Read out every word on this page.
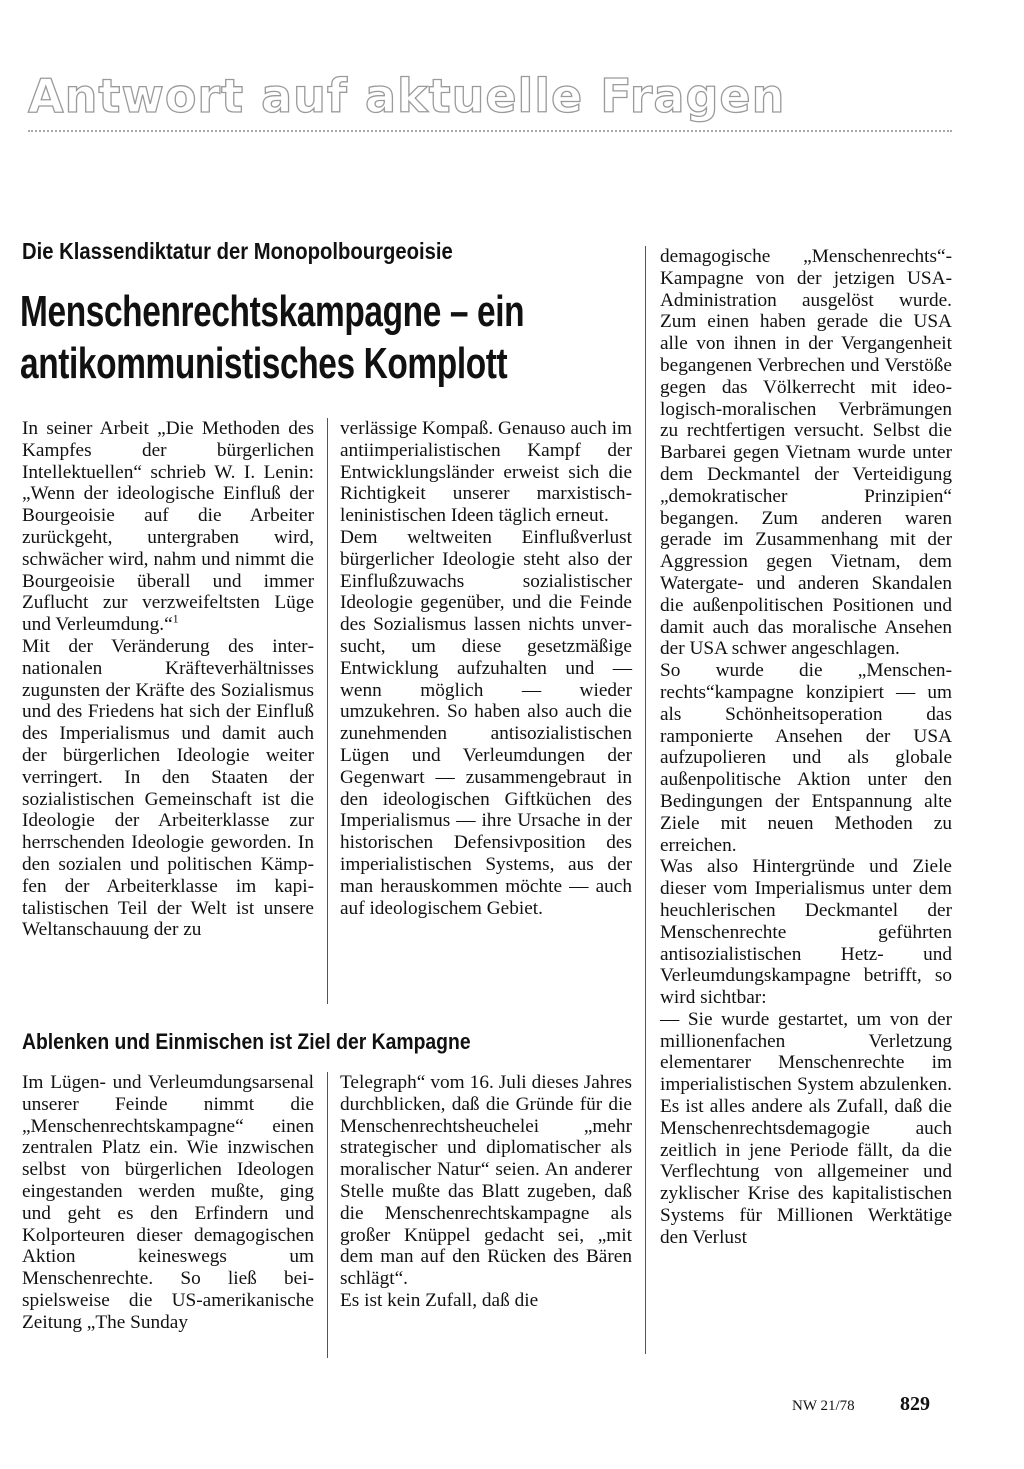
Antwort auf aktuelle Fragen
Die Klassendiktatur der Monopolbourgeoisie
Menschenrechtskampagne – ein
antikommunistisches Komplott

In seiner Arbeit „Die Methoden des Kampfes der bürgerlichen Intellektuellen“ schrieb W. I. Lenin: „Wenn der ideologische Einfluß der Bourgeoisie auf die Arbeiter zurückgeht, untergraben wird, schwächer wird, nahm und nimmt die Bourgeoisie überall und immer Zuflucht zur verzweifeltsten Lüge und Verleumdung.“$^1$

Mit der Veränderung des internationalen Kräfteverhältnisses zugunsten der Kräfte des Sozialismus und des Friedens hat sich der Einfluß des Imperialismus und damit auch der bürgerlichen Ideologie weiter verringert. In den Staaten der sozialistischen Gemeinschaft ist die Ideologie der Arbeiterklasse zur herrschenden Ideologie geworden. In den sozialen und politischen Kämpfen der Arbeiterklasse im kapitalistischen Teil der Welt ist unsere Weltanschauung der zu

verlässige Kompaß. Genauso auch im antiimperialistischen Kampf der Entwicklungsländer erweist sich die Richtigkeit unserer marxistisch-leninistischen Ideen täglich erneut.

Dem weltweiten Einflußverlust bürgerlicher Ideologie steht also der Einflußzuwachs sozialistischer Ideologie gegenüber, und die Feinde des Sozialismus lassen nichts unversucht, um diese gesetzmäßige Entwicklung aufzuhalten und — wenn möglich — wieder umzukehren. So haben also auch die zunehmenden antisozialistischen Lügen und Verleumdungen der Gegenwart — zusammengebraut in den ideologischen Giftküchen des Imperialismus — ihre Ursache in der historischen Defensivposition des imperialistischen Systems, aus der man herauskommen möchte — auch auf ideologischem Gebiet.

demagogische „Menschenrechts“-Kampagne von der jetzigen USA-Administration ausgelöst wurde. Zum einen haben gerade die USA alle von ihnen in der Vergangenheit begangenen Verbrechen und Verstöße gegen das Völkerrecht mit ideologisch-moralischen Verbrämungen zu rechtfertigen versucht. Selbst die Barbarei gegen Vietnam wurde unter dem Deckmantel der Verteidigung „demokratischer Prinzipien“ begangen. Zum anderen waren gerade im Zusammenhang mit der Aggression gegen Vietnam, dem Watergate- und anderen Skandalen die außenpolitischen Positionen und damit auch das moralische Ansehen der USA schwer angeschlagen.

So wurde die „Menschenrechts“kampagne konzipiert — um als Schönheitsoperation das ramponierte Ansehen der USA aufzupolieren und als globale außenpolitische Aktion unter den Bedingungen der Entspannung alte Ziele mit neuen Methoden zu erreichen.

Was also Hintergründe und Ziele dieser vom Imperialismus unter dem heuchlerischen Deckmantel der Menschenrechte geführten antisozialistischen Hetz- und Verleumdungskampagne betrifft, so wird sichtbar:

— Sie wurde gestartet, um von der millionenfachen Verletzung elementarer Menschenrechte im imperialistischen System abzulenken. Es ist alles andere als Zufall, daß die Menschenrechtsdemagogie auch zeitlich in jene Periode fällt, da die Verflechtung von allgemeiner und zyklischer Krise des kapitalistischen Systems für Millionen Werktätige den Verlust

Ablenken und Einmischen ist Ziel der Kampagne

Im Lügen- und Verleumdungsarsenal unserer Feinde nimmt die „Menschenrechtskampagne“ einen zentralen Platz ein. Wie inzwischen selbst von bürgerlichen Ideologen eingestanden werden mußte, ging und geht es den Erfindern und Kolporteuren dieser demagogischen Aktion keineswegs um Menschenrechte. So ließ beispielsweise die US-amerikanische Zeitung „The Sunday

Telegraph“ vom 16. Juli dieses Jahres durchblicken, daß die Gründe für die Menschenrechtsheuchelei „mehr strategischer und diplomatischer als moralischer Natur“ seien. An anderer Stelle mußte das Blatt zugeben, daß die Menschenrechtskampagne als großer Knüppel gedacht sei, „mit dem man auf den Rücken des Bären schlägt“.

Es ist kein Zufall, daß die

NW 21/78 829
